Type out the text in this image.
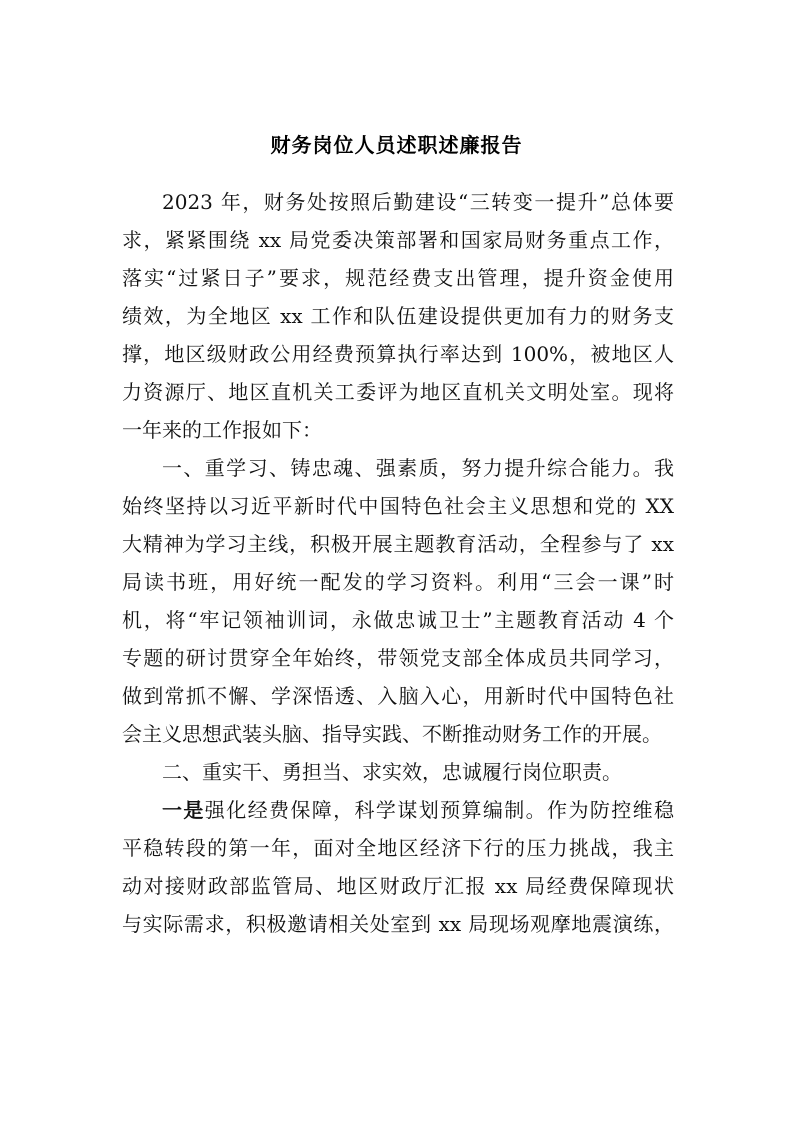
财务岗位人员述职述廉报告
2023 年，财务处按照后勤建设“三转变一提升”总体要
求，紧紧围绕 xx 局党委决策部署和国家局财务重点工作，
落实“过紧日子”要求，规范经费支出管理，提升资金使用
绩效，为全地区 xx 工作和队伍建设提供更加有力的财务支
撑，地区级财政公用经费预算执行率达到 100%，被地区人
力资源厅、地区直机关工委评为地区直机关文明处室。现将
一年来的工作报如下：
一、重学习、铸忠魂、强素质，努力提升综合能力。我
始终坚持以习近平新时代中国特色社会主义思想和党的 XX
大精神为学习主线，积极开展主题教育活动，全程参与了 xx
局读书班，用好统一配发的学习资料。利用“三会一课”时
机，将“牢记领袖训词，永做忠诚卫士”主题教育活动 4 个
专题的研讨贯穿全年始终，带领党支部全体成员共同学习，
做到常抓不懈、学深悟透、入脑入心，用新时代中国特色社
会主义思想武装头脑、指导实践、不断推动财务工作的开展。
二、重实干、勇担当、求实效，忠诚履行岗位职责。
一是强化经费保障，科学谋划预算编制。作为防控维稳
平稳转段的第一年，面对全地区经济下行的压力挑战，我主
动对接财政部监管局、地区财政厅汇报 xx 局经费保障现状
与实际需求，积极邀请相关处室到 xx 局现场观摩地震演练，
